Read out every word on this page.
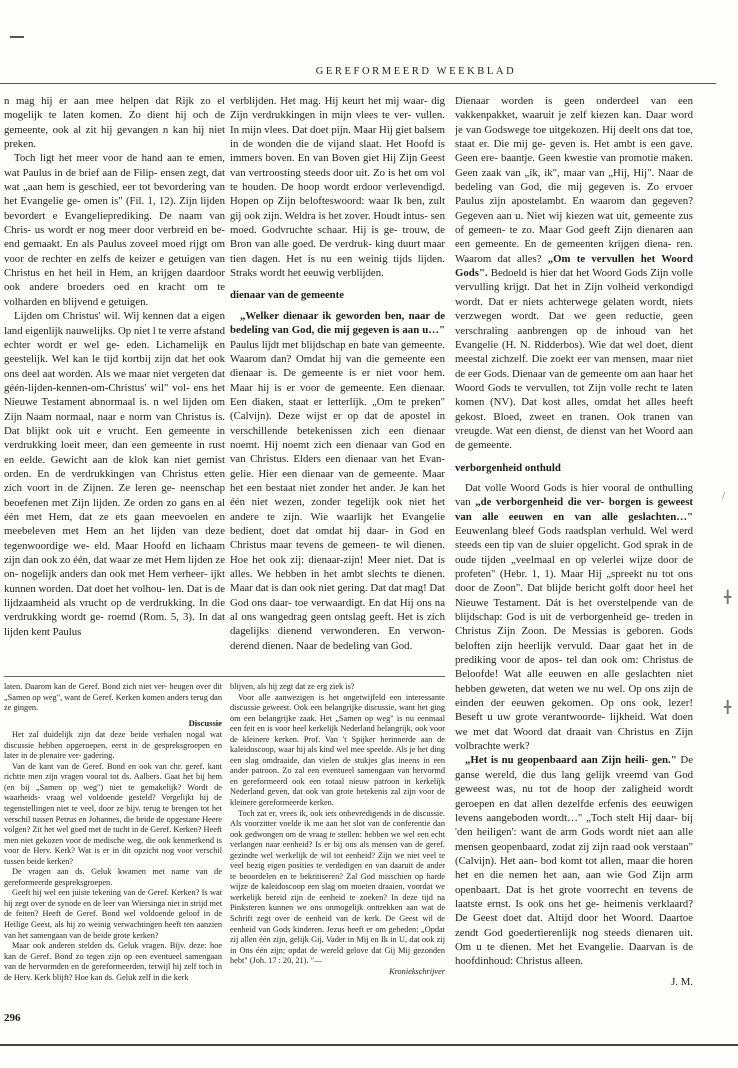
GEREFORMEERD WEEKBLAD

n mag hij er aan mee helpen dat Rijk zo el mogelijk te laten komen. Zo dient hij och de gemeente, ook al zit hij gevangen n kan hij niet preken.

Toch ligt het meer voor de hand aan te emen, wat Paulus in de brief aan de Filip- ensen zegt, dat wat „aan hem is geschied, eer tot bevordering van het Evangelie ge- omen is" (Fil. 1, 12). Zijn lijden bevordert e Evangelieprediking. De naam van Chris- us wordt er nog meer door verbreid en be- end gemaakt. En als Paulus zoveel moed rijgt om voor de rechter en zelfs de keizer e getuigen van Christus en het heil in Hem, an krijgen daardoor ook andere broeders oed en kracht om te volharden en blijvend e getuigen.

Lijden om Christus' wil. Wij kennen dat a eigen land eigenlijk nauwelijks. Op niet l te verre afstand echter wordt er wel ge- eden. Lichamelijk en geestelijk. Wel kan le tijd kortbij zijn dat het ook ons deel aat worden. Als we maar niet vergeten dat géén-lijden-kennen-om-Christus' wil" vol- ens het Nieuwe Testament abnormaal is. n wel lijden om Zijn Naam normaal, naar e norm van Christus is. Dat blijkt ook uit e vrucht. Een gemeente in verdrukking loeit meer, dan een gemeente in rust en eelde. Gewicht aan de klok kan niet gemist orden. En de verdrukkingen van Christus etten zich voort in de Zijnen. Ze leren ge- neenschap beoefenen met Zijn lijden. Ze orden zo gans en al één met Hem, dat ze ets gaan meevoelen en meebeleven met Hem an het lijden van deze tegenwoordige we- eld. Maar Hoofd en lichaam zijn dan ook zo één, dat waar ze met Hem lijden ze on- nogelijk anders dan ook met Hem verheer- ijkt kunnen worden. Dat doet het volhou- len. Dat is de lijdzaamheid als vrucht op de verdrukking. In die verdrukking wordt ge- roemd (Rom. 5, 3). In dat lijden kent Paulus

verblijden. Het mag. Hij keurt het mij waar- dig Zijn verdrukkingen in mijn vlees te ver- vullen. In mijn vlees. Dat doet pijn. Maar Hij giet balsem in de wonden die de vijand slaat. Het Hoofd is immers boven. En van Boven giet Hij Zijn Geest van vertroosting steeds door uit. Zo is het om vol te houden. De hoop wordt erdoor verlevendigd. Hopen op Zijn belofteswoord: waar Ik ben, zult gij ook zijn. Weldra is het zover. Houdt intus- sen moed. Godvruchte schaar. Hij is ge- trouw, de Bron van alle goed. De verdruk- king duurt maar tien dagen. Het is nu een weinig tijds lijden. Straks wordt het eeuwig verblijden.

dienaar van de gemeente

„Welker dienaar ik geworden ben, naar de bedeling van God, die mij gegeven is aan u…" Paulus lijdt met blijdschap en bate van gemeente. Waarom dan? Omdat hij van die gemeente een dienaar is. De gemeente is er niet voor hem. Maar hij is er voor de gemeente. Een dienaar. Een diaken, staat er letterlijk. „Om te preken" (Calvijn). Deze wijst er op dat de apostel in verschillende betekenissen zich een dienaar noemt. Hij noemt zich een dienaar van God en van Christus. Elders een dienaar van het Evan- gelie. Hier een dienaar van de gemeente. Maar het een bestaat niet zonder het ander. Je kan het één niet wezen, zonder tegelijk ook niet het andere te zijn. Wie waarlijk het Evangelie bedient, doet dat omdat hij daar- in God en Christus maar tevens de gemeen- te wil dienen. Hoe het ook zij: dienaar-zijn! Meer niet. Dat is alles. We hebben in het ambt slechts te dienen. Maar dat is dan ook niet gering. Dat dat mag! Dat God ons daar- toe verwaardigt. En dat Hij ons na al ons wangedrag geen ontslag geeft. Het is zich dagelijks dienend verwonderen. En verwon- derend dienen. Naar de bedeling van God.

Dienaar worden is geen onderdeel van een vakkenpakket, waaruit je zelf kiezen kan. Daar word je van Godswege toe uitgekozen. Hij deelt ons dat toe, staat er. Die mij ge- geven is. Het ambt is een gave. Geen ere- baantje. Geen kwestie van promotie maken. Geen zaak van „ik, ik", maar van „Hij, Hij". Naar de bedeling van God, die mij gegeven is. Zo ervoer Paulus zijn apostelambt. En waarom dan gegeven? Gegeven aan u. Niet wij kiezen wat uit, gemeente zus of gemeen- te zo. Maar God geeft Zijn dienaren aan een gemeente. En de gemeenten krijgen diena- ren. Waarom dat alles? „Om te vervullen het Woord Gods". Bedoeld is hier dat het Woord Gods Zijn volle vervulling krijgt. Dat het in Zijn volheid verkondigd wordt. Dat er niets achterwege gelaten wordt, niets verzwegen wordt. Dat we geen reductie, geen verschraling aanbrengen op de inhoud van het Evangelie (H. N. Ridderbos). Wie dat wel doet, dient meestal zichzelf. Die zoekt eer van mensen, maar niet de eer Gods. Dienaar van de gemeente om aan haar het Woord Gods te vervullen, tot Zijn volle recht te laten komen (NV). Dat kost alles, omdat het alles heeft gekost. Bloed, zweet en tranen. Ook tranen van vreugde. Wat een dienst, de dienst van het Woord aan de gemeente.

verborgenheid onthuld

Dat volle Woord Gods is hier vooral de onthulling van „de verborgenheid die ver- borgen is geweest van alle eeuwen en van alle geslachten…" Eeuwenlang bleef Gods raadsplan verhuld. Wel werd steeds een tip van de sluier opgelicht. God sprak in de oude tijden „veelmaal en op velerlei wijze door de profeten" (Hebr. 1, 1). Maar Hij „spreekt nu tot ons door de Zoon". Dat blijde bericht golft door heel het Nieuwe Testament. Dát is het overstelpende van de blijdschap: God is uit de verborgenheid ge- treden in Christus Zijn Zoon. De Messias is geboren. Gods beloften zijn heerlijk vervuld. Daar gaat het in de prediking voor de apos- tel dan ook om: Christus de Beloofde! Wat alle eeuwen en alle geslachten niet hebben geweten, dat weten we nu wel. Op ons zijn de einden der eeuwen gekomen. Op ons ook, lezer! Beseft u uw grote verantwoorde- lijkheid. Wat doen we met dat Woord dat draait van Christus en Zijn volbrachte werk?

„Het is nu geopenbaard aan Zijn heili- gen." De ganse wereld, die dus lang gelijk vreemd van God geweest was, nu tot de hoop der zaligheid wordt geroepen en dat allen dezelfde erfenis des eeuwigen levens aangeboden wordt…" „Toch stelt Hij daar- bij 'den heiligen': want de arm Gods wordt niet aan alle mensen geopenbaard, zodat zij zijn raad ook verstaan" (Calvijn). Het aan- bod komt tot allen, maar die horen het en die nemen het aan, aan wie God Zijn arm openbaart. Dat is het grote voorrecht en tevens de laatste ernst. Is ook ons het ge- heimenis verklaard? De Geest doet dat. Altijd door het Woord. Daartoe zendt God goedertierenlijk nog steeds dienaren uit. Om u te dienen. Met het Evangelie. Daarvan is de hoofdinhoud: Christus alleen.

J. M.

laten. Daarom kan de Geref. Bond zich niet ver- heugen over dit „Samen op weg", want de Geref. Kerken komen anders terug dan ze gingen.

Discussie

Het zal duidelijk zijn dat deze beide verhalen nogal wat discussie hebben opgeroepen, eerst in de gespreksgroepen en later in de plenaire ver- gadering.

Van de kant van de Geref. Bond en ook van chr. geref. kant richtte men zijn vragen vooral tot ds. Aalbers. Gaat het bij hem (en bij „Samen op weg") niet te gemakelijk? Wordt de waarheids- vraag wel voldoende gesteld? Vergelijkt hij de tegenstellingen niet te veel, door ze bijv. terug te brengen tot het verschil tussen Petrus en Johannes, die beide de opgestane Heere volgen? Zit het wel goed met de tucht in de Geref. Kerken? Heeft men niet gekozen voor de medische weg, die ook kenmerkend is voor de Herv. Kerk? Wat is er in dit opzicht nog voor verschil tussen beide kerken?

De vragen aan ds. Geluk kwamen met name van de gereformeerde gespreksgroepen.

Geeft hij wel een juiste tekening van de Geref. Kerken? Is wat hij zegt over de synode en de leer van Wiersinga niet in strijd met de feiten? Heeft de Geref. Bond wel voldoende geloof in de Heilige Geest, als hij zo weinig verwachtingen heeft ten aanzien van het samengaan van de beide grote kerken?

Maar ook anderen stelden ds. Geluk vragen. Bijv. deze: hoe kan de Geref. Bond zo tegen zijn op een eventueel samengaan van de hervormden en de gereformeerden, terwijl hij zelf toch in de Herv. Kerk blijft? Hoe kan ds. Geluk zelf in die kerk

blijven, als hij zegt dat ze erg ziek is?

Voor alle aanwezigen is het ongetwijfeld een interessante discussie geweest. Ook een belangrijke discussie, want het ging om een belangrijke zaak. Het „Samen op weg" is nu eenmaal een feit en is voor heel kerkelijk Nederland belangrijk, ook voor de kleinere kerken. Prof. Van 't Spijker herinnerde aan de kaleidoscoop, waar hij als kind wel mee speelde. Als je het ding een slag omdraaide, dan vielen de stukjes glas ineens in een ander patroon. Zo zal een eventueel samengaan van hervormd en gereformeerd ook een totaal nieuw patroon in kerkelijk Nederland geven, dat ook van grote betekenis zal zijn voor de kleinere gereformeerde kerken.

Toch zat er, vrees ik, ook iets onbevredigends in de discussie. Als voorzitter voelde ik me aan het slot van de conferentie dan ook gedwongen om de vraag te stellen: hebben we wel een echt verlangen naar eenheid? Is er bij ons als mensen van de geref. gezindte wel werkelijk de wil tot eenheid? Zijn we niet veel te veel bezig eigen posities te verdedigen en van daaruit de ander te beoordelen en te bekritiseren? Zal God misschien op harde wijze de kaleidoscoop een slag om moeten draaien, voordat we werkelijk bereid zijn de eenheid te zoeken? In deze tijd na Pinksteren kunnen we ons onmogelijk onttrekken aan wat de Schrift zegt over de eenheid van de kerk. De Geest wil de eenheid van Gods kinderen. Jezus heeft er om gebeden: „Opdat zij allen één zijn, gelijk Gij, Vader in Mij en Ik in U, dat ook zij in Ons één zijn; opdat de wereld gelove dat Gij Mij gezonden hebt" (Joh. 17 : 20, 21). "—

Kroniekschrijver

296
/
╋
╋
